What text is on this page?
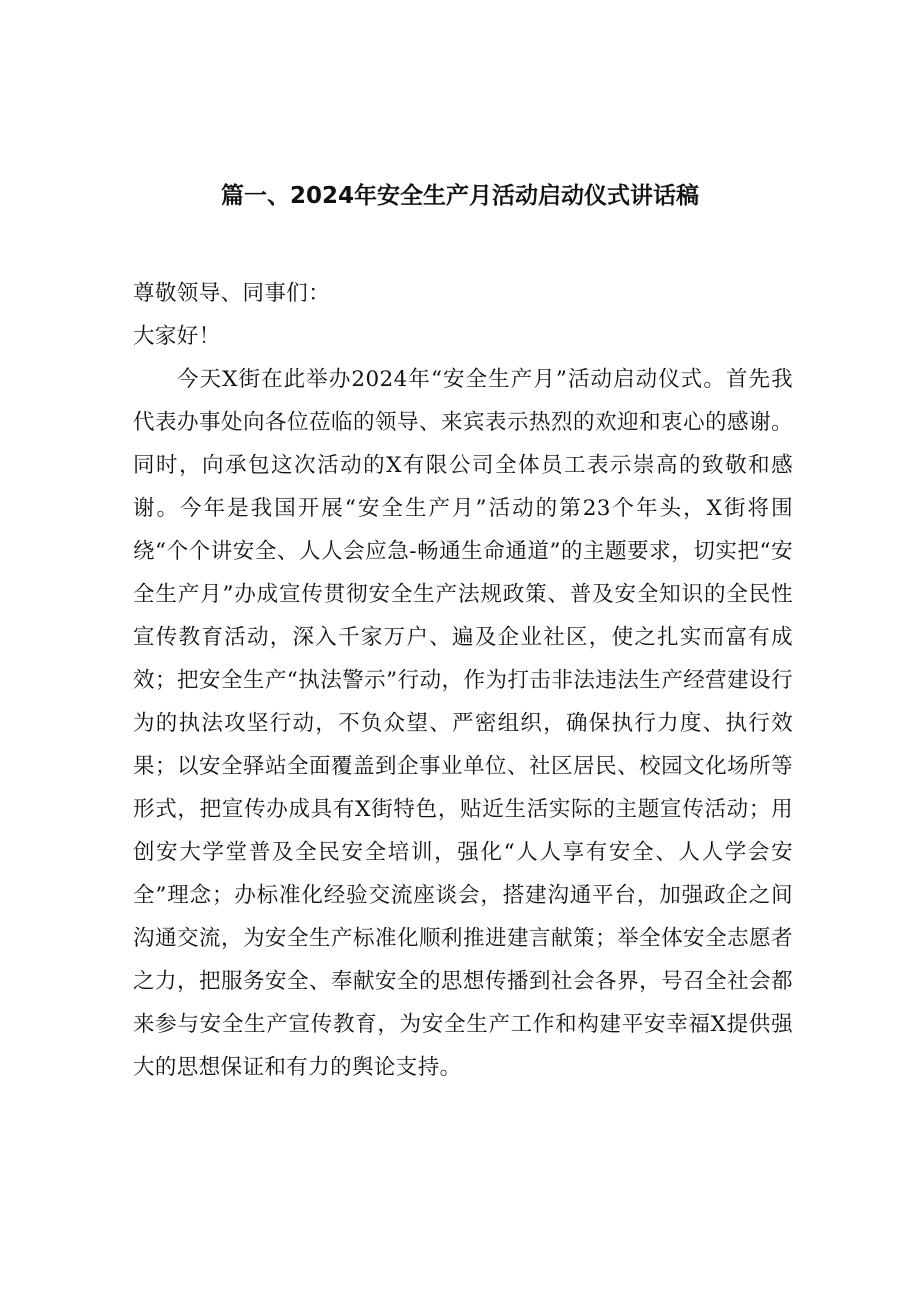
篇一、2024年安全生产月活动启动仪式讲话稿

尊敬领导、同事们：

大家好！

今天X街在此举办2024年“安全生产月”活动启动仪式。首先我代表办事处向各位莅临的领导、来宾表示热烈的欢迎和衷心的感谢。同时，向承包这次活动的X有限公司全体员工表示崇高的致敬和感谢。今年是我国开展“安全生产月”活动的第23个年头，X街将围绕“个个讲安全、人人会应急-畅通生命通道”的主题要求，切实把“安全生产月”办成宣传贯彻安全生产法规政策、普及安全知识的全民性宣传教育活动，深入千家万户、遍及企业社区，使之扎实而富有成效；把安全生产“执法警示”行动，作为打击非法违法生产经营建设行为的执法攻坚行动，不负众望、严密组织，确保执行力度、执行效果；以安全驿站全面覆盖到企事业单位、社区居民、校园文化场所等形式，把宣传办成具有X街特色，贴近生活实际的主题宣传活动；用创安大学堂普及全民安全培训，强化“人人享有安全、人人学会安全”理念；办标准化经验交流座谈会，搭建沟通平台，加强政企之间沟通交流，为安全生产标准化顺利推进建言献策；举全体安全志愿者之力，把服务安全、奉献安全的思想传播到社会各界，号召全社会都来参与安全生产宣传教育，为安全生产工作和构建平安幸福X提供强大的思想保证和有力的舆论支持。
